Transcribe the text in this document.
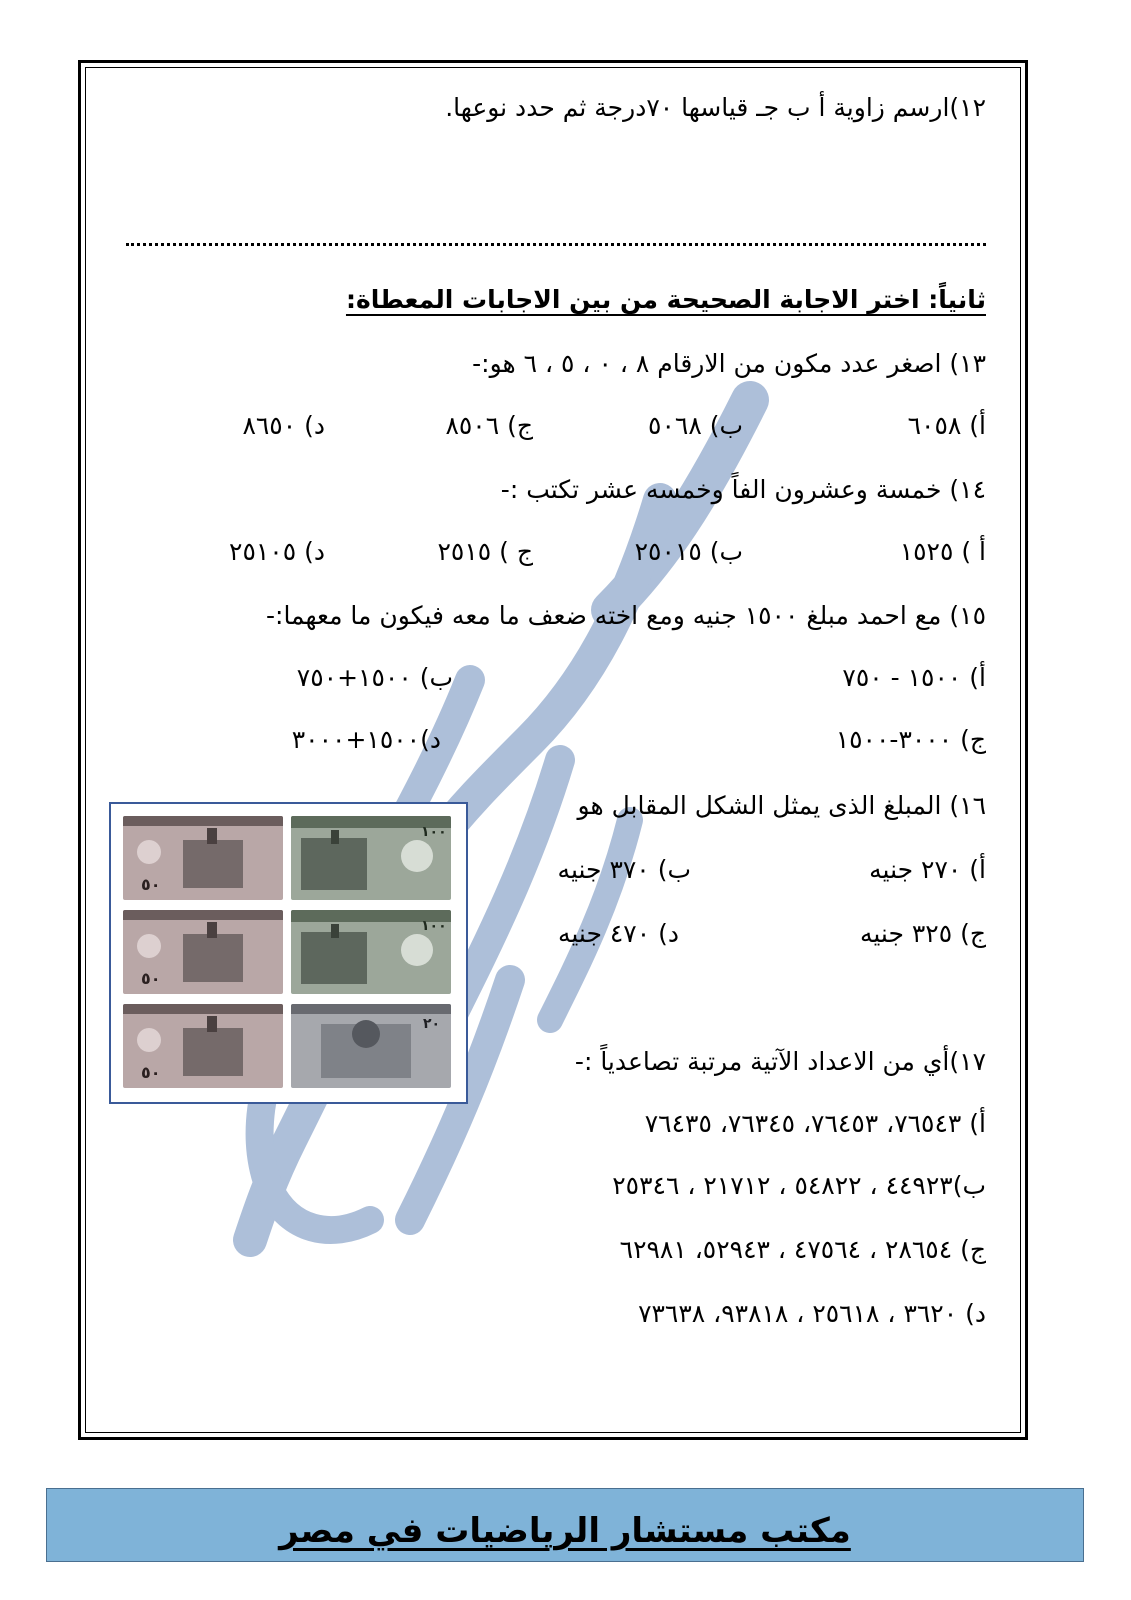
١٢)ارسم زاوية أ ب جـ قياسها ٧٠درجة ثم حدد نوعها.
ثانياً: اختر الاجابة الصحيحة من بين الاجابات المعطاة:
١٣) اصغر عدد مكون من الارقام ٨ ، ٠ ، ٥ ، ٦ هو:-
أ) ٦٠٥٨
ب) ٥٠٦٨
ج) ٨٥٠٦
د) ٨٦٥٠
١٤) خمسة وعشرون الفاً وخمسه عشر تكتب :-
أ ) ١٥٢٥
ب) ٢٥٠١٥
ج ) ٢٥١٥
د) ٢٥١٠٥
١٥) مع احمد مبلغ ١٥٠٠ جنيه ومع اخته ضعف ما معه فيكون ما معهما:-
أ) ١٥٠٠ - ٧٥٠
ب) ١٥٠٠+٧٥٠
ج) ٣٠٠٠-١٥٠٠
د)١٥٠٠+٣٠٠٠
١٦) المبلغ الذى يمثل الشكل المقابل هو
أ) ٢٧٠ جنيه
ب) ٣٧٠ جنيه
ج) ٣٢٥ جنيه
د) ٤٧٠ جنيه
٥٠
١٠٠
٥٠
١٠٠
٥٠
٢٠
١٧)أي من الاعداد الآتية مرتبة تصاعدياً :-
أ) ٧٦٥٤٣، ٧٦٤٥٣، ٧٦٣٤٥، ٧٦٤٣٥
ب)٤٤٩٢٣ ، ٥٤٨٢٢ ، ٢١٧١٢ ، ٢٥٣٤٦
ج) ٢٨٦٥٤ ، ٤٧٥٦٤ ، ٥٢٩٤٣، ٦٢٩٨١
د) ٣٦٢٠ ، ٢٥٦١٨ ، ٩٣٨١٨، ٧٣٦٣٨
مكتب مستشار الرياضيات في مصر
